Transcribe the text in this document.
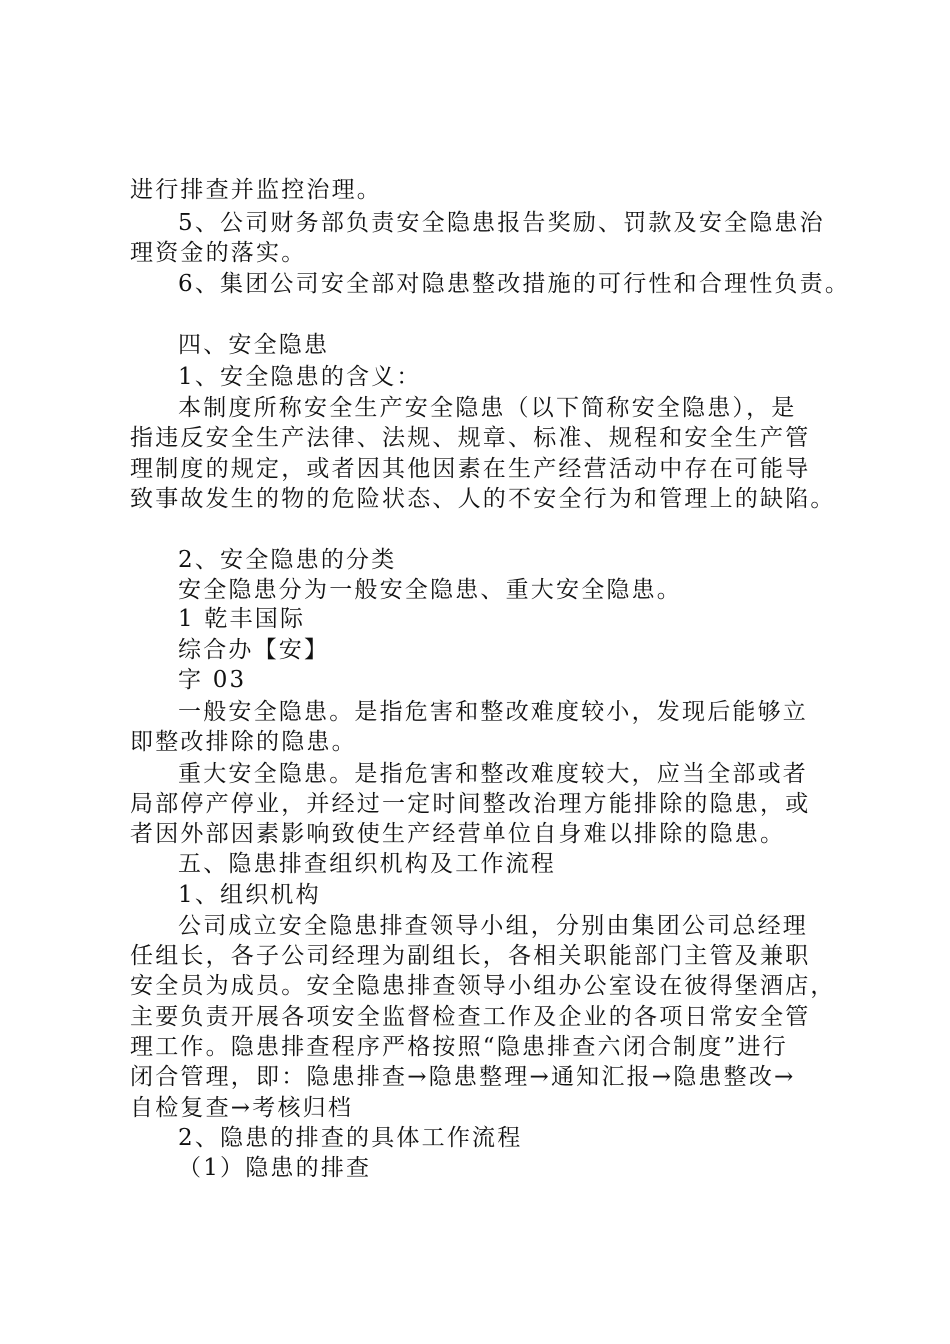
进行排查并监控治理。
5、公司财务部负责安全隐患报告奖励、罚款及安全隐患治
理资金的落实。
6、集团公司安全部对隐患整改措施的可行性和合理性负责。
四、安全隐患
1、安全隐患的含义：
本制度所称安全生产安全隐患（以下简称安全隐患），是
指违反安全生产法律、法规、规章、标准、规程和安全生产管
理制度的规定，或者因其他因素在生产经营活动中存在可能导
致事故发生的物的危险状态、人的不安全行为和管理上的缺陷。
2、安全隐患的分类
安全隐患分为一般安全隐患、重大安全隐患。
1 乾丰国际
综合办【安】
字 03
一般安全隐患。是指危害和整改难度较小，发现后能够立
即整改排除的隐患。
重大安全隐患。是指危害和整改难度较大，应当全部或者
局部停产停业，并经过一定时间整改治理方能排除的隐患，或
者因外部因素影响致使生产经营单位自身难以排除的隐患。
五、隐患排查组织机构及工作流程
1、组织机构
公司成立安全隐患排查领导小组，分别由集团公司总经理
任组长，各子公司经理为副组长，各相关职能部门主管及兼职
安全员为成员。安全隐患排查领导小组办公室设在彼得堡酒店，
主要负责开展各项安全监督检查工作及企业的各项日常安全管
理工作。隐患排查程序严格按照“隐患排查六闭合制度”进行
闭合管理，即：隐患排查→隐患整理→通知汇报→隐患整改→
自检复查→考核归档
2、隐患的排查的具体工作流程
（1）隐患的排查
